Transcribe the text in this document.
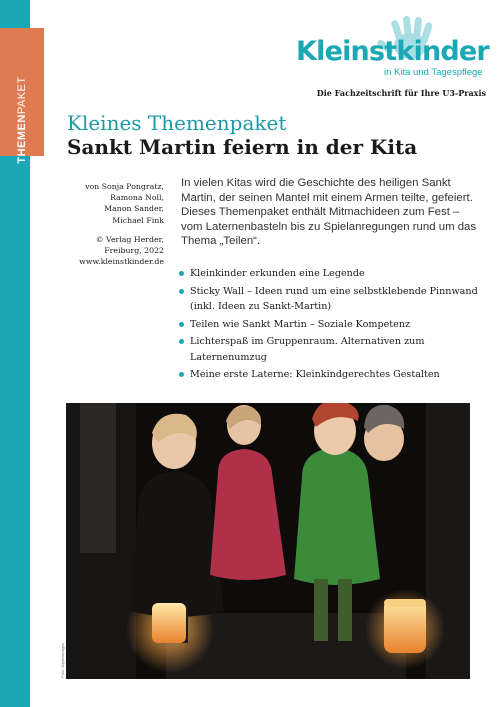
THEMENPAKET
Kleinstkinder
in Kita und Tagespflege
Die Fachzeitschrift für Ihre U3-Praxis
Kleines Themenpaket
Sankt Martin feiern in der Kita
von Sonja Pongratz,
Ramona Noll,
Manon Sander,
Michael Fink
© Verlag Herder,
Freiburg, 2022
www.kleinstkinder.de

In vielen Kitas wird die Geschichte des heiligen Sankt Martin, der seinen Mantel mit einem Armen teilte, gefeiert. Dieses Themenpaket enthält Mitmachideen zum Fest – vom Laternenbasteln bis zu Spielanregungen rund um das Thema „Teilen“.

Kleinkinder erkunden eine Legende
Sticky Wall – Ideen rund um eine selbstklebende Pinnwand (inkl. Ideen zu Sankt-Martin)
Teilen wie Sankt Martin – Soziale Kompetenz
Lichterspaß im Gruppenraum. Alternativen zum Laternenumzug
Meine erste Laterne: Kleinkindgerechtes Gestalten
Foto: Jupiterimages
